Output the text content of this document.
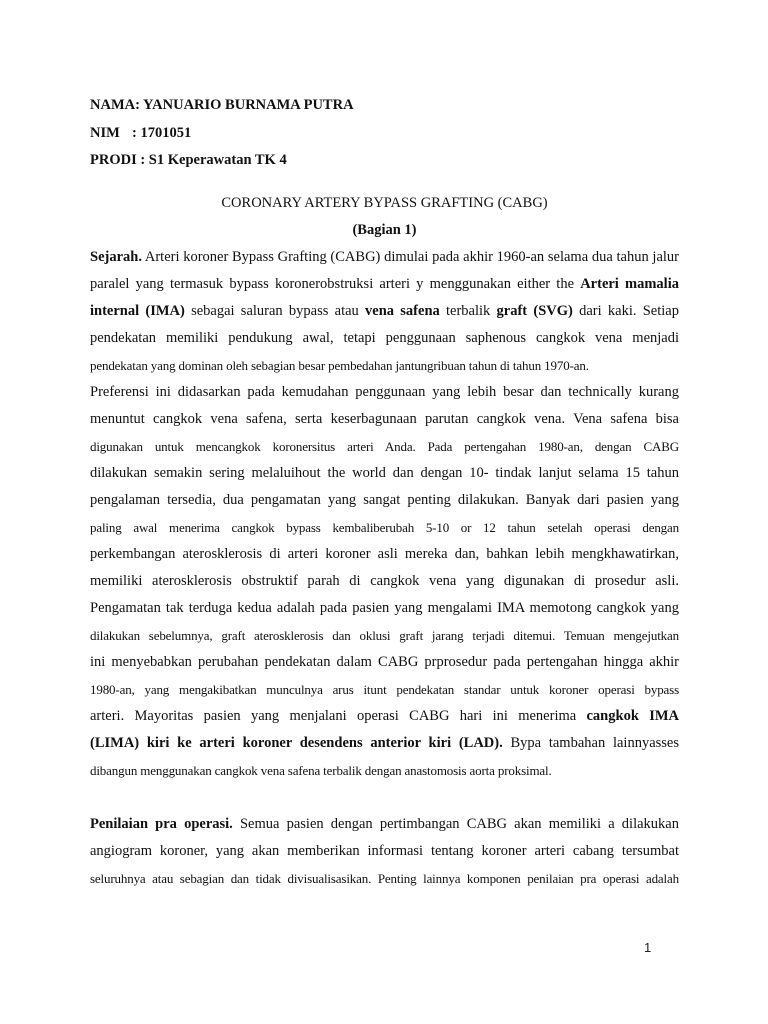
NAMA: YANUARIO BURNAMA PUTRA

NIM : 1701051

PRODI : S1 Keperawatan TK 4

CORONARY ARTERY BYPASS GRAFTING (CABG)

(Bagian 1)

Sejarah. Arteri koroner Bypass Grafting (CABG) dimulai pada akhir 1960-an selama dua tahun jalur
paralel yang termasuk bypass koronerobstruksi arteri y menggunakan either the Arteri mamalia
internal (IMA) sebagai saluran bypass atau vena safena terbalik graft (SVG) dari kaki. Setiap
pendekatan memiliki pendukung awal, tetapi penggunaan saphenous cangkok vena menjadi
pendekatan yang dominan oleh sebagian besar pembedahan jantungribuan tahun di tahun 1970-an.
Preferensi ini didasarkan pada kemudahan penggunaan yang lebih besar dan technically kurang
menuntut cangkok vena safena, serta keserbagunaan parutan cangkok vena. Vena safena bisa
digunakan untuk mencangkok koronersitus arteri Anda. Pada pertengahan 1980-an, dengan CABG
dilakukan semakin sering melaluihout the world dan dengan 10- tindak lanjut selama 15 tahun
pengalaman tersedia, dua pengamatan yang sangat penting dilakukan. Banyak dari pasien yang
paling awal menerima cangkok bypass kembaliberubah 5-10 or 12 tahun setelah operasi dengan
perkembangan aterosklerosis di arteri koroner asli mereka dan, bahkan lebih mengkhawatirkan,
memiliki aterosklerosis obstruktif parah di cangkok vena yang digunakan di prosedur asli.
Pengamatan tak terduga kedua adalah pada pasien yang mengalami IMA memotong cangkok yang
dilakukan sebelumnya, graft aterosklerosis dan oklusi graft jarang terjadi ditemui. Temuan mengejutkan
ini menyebabkan perubahan pendekatan dalam CABG prprosedur pada pertengahan hingga akhir
1980-an, yang mengakibatkan munculnya arus itunt pendekatan standar untuk koroner operasi bypass
arteri. Mayoritas pasien yang menjalani operasi CABG hari ini menerima cangkok IMA
(LIMA) kiri ke arteri koroner desendens anterior kiri (LAD). Bypa tambahan lainnyasses
dibangun menggunakan cangkok vena safena terbalik dengan anastomosis aorta proksimal.
Penilaian pra operasi. Semua pasien dengan pertimbangan CABG akan memiliki a dilakukan
angiogram koroner, yang akan memberikan informasi tentang koroner arteri cabang tersumbat
seluruhnya atau sebagian dan tidak divisualisasikan. Penting lainnya komponen penilaian pra operasi adalah
1
